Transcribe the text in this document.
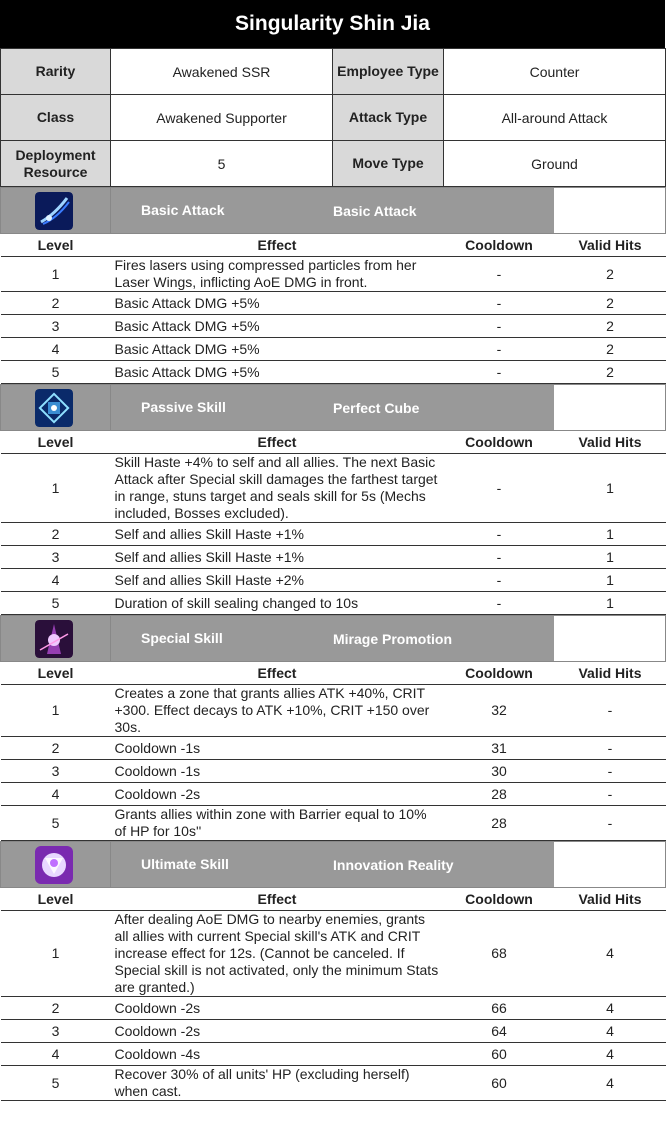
Singularity Shin Jia
Rarity	Awakened SSR	Employee Type	Counter
Class	Awakened Supporter	Attack Type	All-around Attack
Deployment Resource	5	Move Type	Ground
	Basic Attack	Basic Attack
Level	Effect	Cooldown	Valid Hits
1	Fires lasers using compressed particles from her Laser Wings, inflicting AoE DMG in front.	-	2
2	Basic Attack DMG +5%	-	2
3	Basic Attack DMG +5%	-	2
4	Basic Attack DMG +5%	-	2
5	Basic Attack DMG +5%	-	2
	Passive Skill	Perfect Cube
Level	Effect	Cooldown	Valid Hits
1	Skill Haste +4% to self and all allies. The next Basic Attack after Special skill damages the farthest target in range, stuns target and seals skill for 5s (Mechs included, Bosses excluded).	-	1
2	Self and allies Skill Haste +1%	-	1
3	Self and allies Skill Haste +1%	-	1
4	Self and allies Skill Haste +2%	-	1
5	Duration of skill sealing changed to 10s	-	1
	Special Skill	Mirage Promotion
Level	Effect	Cooldown	Valid Hits
1	Creates a zone that grants allies ATK +40%, CRIT +300. Effect decays to ATK +10%, CRIT +150 over 30s.	32	-
2	Cooldown -1s	31	-
3	Cooldown -1s	30	-
4	Cooldown -2s	28	-
5	Grants allies within zone with Barrier equal to 10% of HP for 10s''	28	-
	Ultimate Skill	Innovation Reality
Level	Effect	Cooldown	Valid Hits
1	After dealing AoE DMG to nearby enemies, grants all allies with current Special skill's ATK and CRIT increase effect for 12s. (Cannot be canceled. If Special skill is not activated, only the minimum Stats are granted.)	68	4
2	Cooldown -2s	66	4
3	Cooldown -2s	64	4
4	Cooldown -4s	60	4
5	Recover 30% of all units' HP (excluding herself) when cast.	60	4
